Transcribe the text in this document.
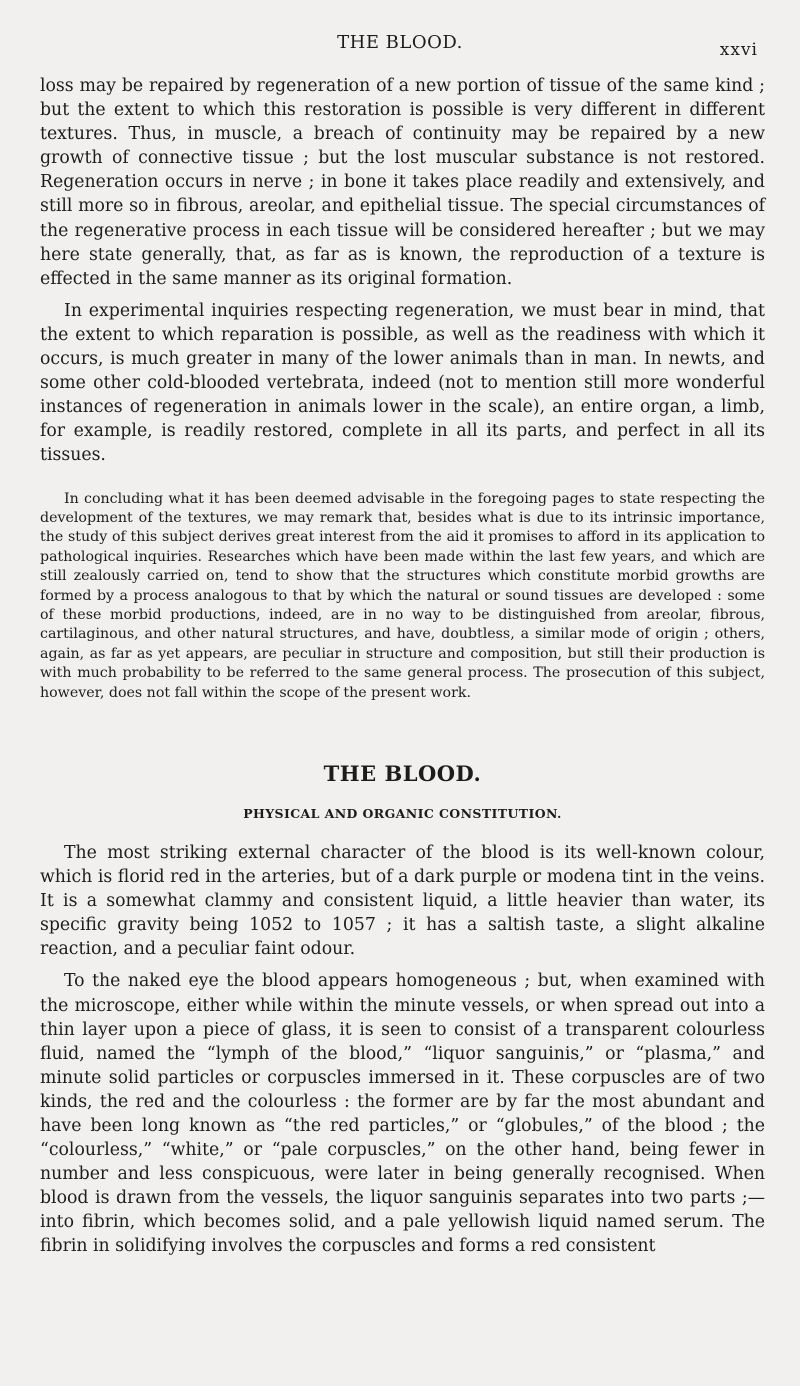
THE BLOOD.	xxvi

loss may be repaired by regeneration of a new portion of tissue of the same kind ; but the extent to which this restoration is possible is very different in different textures. Thus, in muscle, a breach of continuity may be repaired by a new growth of connective tissue ; but the lost muscular substance is not restored. Regeneration occurs in nerve ; in bone it takes place readily and extensively, and still more so in fibrous, areolar, and epithelial tissue. The special circumstances of the regenerative process in each tissue will be considered hereafter ; but we may here state generally, that, as far as is known, the reproduction of a texture is effected in the same manner as its original formation.

In experimental inquiries respecting regeneration, we must bear in mind, that the extent to which reparation is possible, as well as the readiness with which it occurs, is much greater in many of the lower animals than in man. In newts, and some other cold-blooded vertebrata, indeed (not to mention still more wonderful instances of regeneration in animals lower in the scale), an entire organ, a limb, for example, is readily restored, complete in all its parts, and perfect in all its tissues.

In concluding what it has been deemed advisable in the foregoing pages to state respecting the development of the textures, we may remark that, besides what is due to its intrinsic importance, the study of this subject derives great interest from the aid it promises to afford in its application to pathological inquiries. Researches which have been made within the last few years, and which are still zealously carried on, tend to show that the structures which constitute morbid growths are formed by a process analogous to that by which the natural or sound tissues are developed : some of these morbid productions, indeed, are in no way to be distinguished from areolar, fibrous, cartilaginous, and other natural structures, and have, doubtless, a similar mode of origin ; others, again, as far as yet appears, are peculiar in structure and composition, but still their production is with much probability to be referred to the same general process. The prosecution of this subject, however, does not fall within the scope of the present work.

THE BLOOD.
PHYSICAL AND ORGANIC CONSTITUTION.

The most striking external character of the blood is its well-known colour, which is florid red in the arteries, but of a dark purple or modena tint in the veins. It is a somewhat clammy and consistent liquid, a little heavier than water, its specific gravity being 1052 to 1057 ; it has a saltish taste, a slight alkaline reaction, and a peculiar faint odour.

To the naked eye the blood appears homogeneous ; but, when examined with the microscope, either while within the minute vessels, or when spread out into a thin layer upon a piece of glass, it is seen to consist of a transparent colourless fluid, named the “lymph of the blood,” “liquor sanguinis,” or “plasma,” and minute solid particles or corpuscles immersed in it. These corpuscles are of two kinds, the red and the colourless : the former are by far the most abundant and have been long known as “the red particles,” or “globules,” of the blood ; the “colourless,” “white,” or “pale corpuscles,” on the other hand, being fewer in number and less conspicuous, were later in being generally recognised. When blood is drawn from the vessels, the liquor sanguinis separates into two parts ;— into fibrin, which becomes solid, and a pale yellowish liquid named serum. The fibrin in solidifying involves the corpuscles and forms a red consistent
